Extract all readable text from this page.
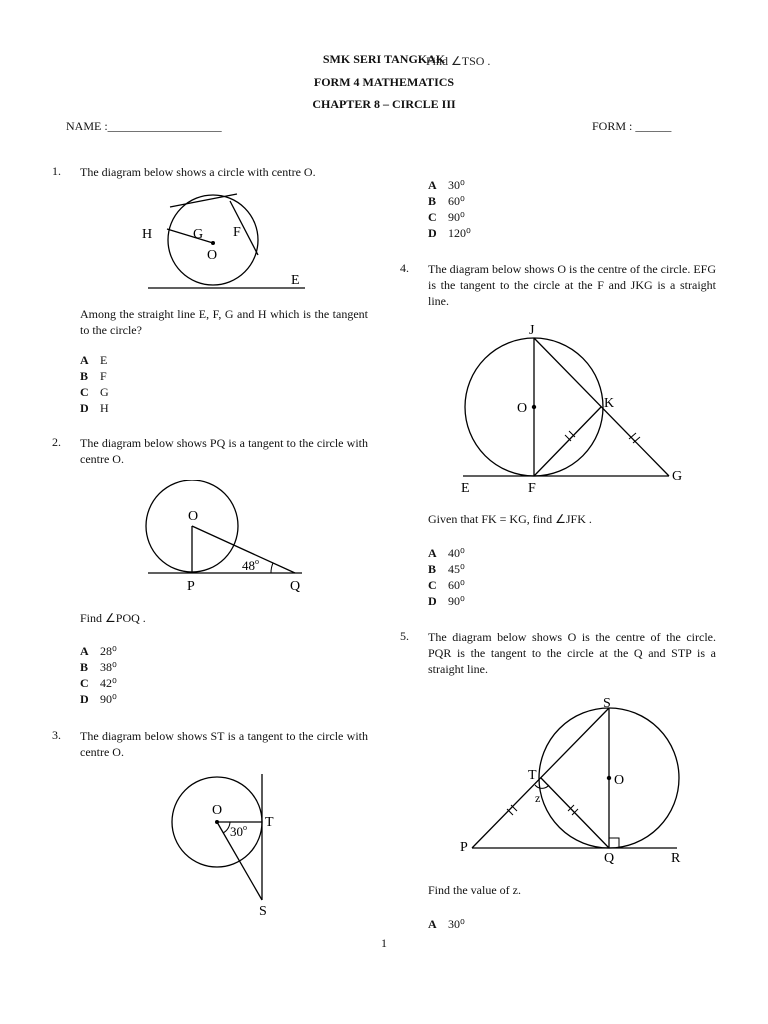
SMK SERI TANGKAK
Find ∠TSO .
FORM 4 MATHEMATICS
CHAPTER 8 – CIRCLE III
NAME :___________________	FORM : ______
1. The diagram below shows a circle with centre O.
H	G F
O
E
Among the straight line E, F, G and H which is the tangent to the circle?
A E
B F
C G
D H
2. The diagram below shows PQ is a tangent to the circle with centre O.
O
P	Q
48$^o$
Find ∠POQ .
A 28⁰
B 38⁰
C 42⁰
D 90⁰
3. The diagram below shows ST is a tangent to the circle with centre O.
O
T
S
30$^o$
A 30⁰
B 60⁰
C 90⁰
D 120⁰
4. The diagram below shows O is the centre of the circle. EFG is the tangent to the circle at the F and JKG is a straight line.
J
O	K
E	F
G
Given that FK = KG, find ∠JFK .
A 40⁰
B 45⁰
C 60⁰
D 90⁰
5. The diagram below shows O is the centre of the circle. PQR is the tangent to the circle at the Q and STP is a straight line.
S
T	O
z
P
Q	R
Find the value of z.
A 30⁰
1
